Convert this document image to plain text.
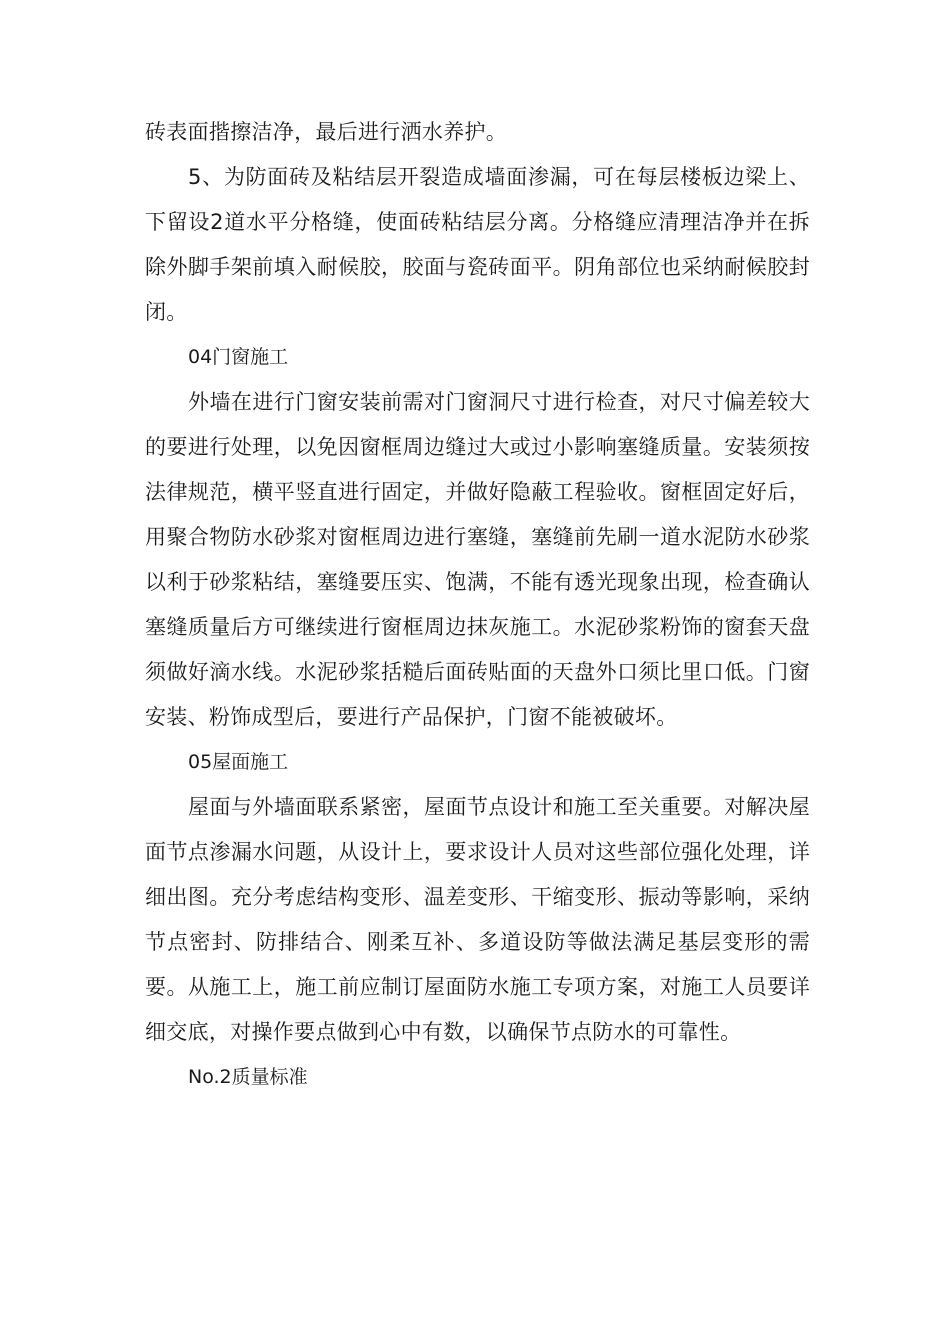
砖表面揩擦洁净，最后进行洒水养护。

5、为防面砖及粘结层开裂造成墙面渗漏，可在每层楼板边梁上、下留设2道水平分格缝，使面砖粘结层分离。分格缝应清理洁净并在拆除外脚手架前填入耐候胶，胶面与瓷砖面平。阴角部位也采纳耐候胶封闭。

04门窗施工

外墙在进行门窗安装前需对门窗洞尺寸进行检查，对尺寸偏差较大的要进行处理，以免因窗框周边缝过大或过小影响塞缝质量。安装须按法律规范，横平竖直进行固定，并做好隐蔽工程验收。窗框固定好后，用聚合物防水砂浆对窗框周边进行塞缝，塞缝前先刷一道水泥防水砂浆以利于砂浆粘结，塞缝要压实、饱满，不能有透光现象出现，检查确认塞缝质量后方可继续进行窗框周边抹灰施工。水泥砂浆粉饰的窗套天盘须做好滴水线。水泥砂浆括糙后面砖贴面的天盘外口须比里口低。门窗安装、粉饰成型后，要进行产品保护，门窗不能被破坏。

05屋面施工

屋面与外墙面联系紧密，屋面节点设计和施工至关重要。对解决屋面节点渗漏水问题，从设计上，要求设计人员对这些部位强化处理，详细出图。充分考虑结构变形、温差变形、干缩变形、振动等影响，采纳节点密封、防排结合、刚柔互补、多道设防等做法满足基层变形的需要。从施工上，施工前应制订屋面防水施工专项方案，对施工人员要详细交底，对操作要点做到心中有数，以确保节点防水的可靠性。

No.2质量标准
